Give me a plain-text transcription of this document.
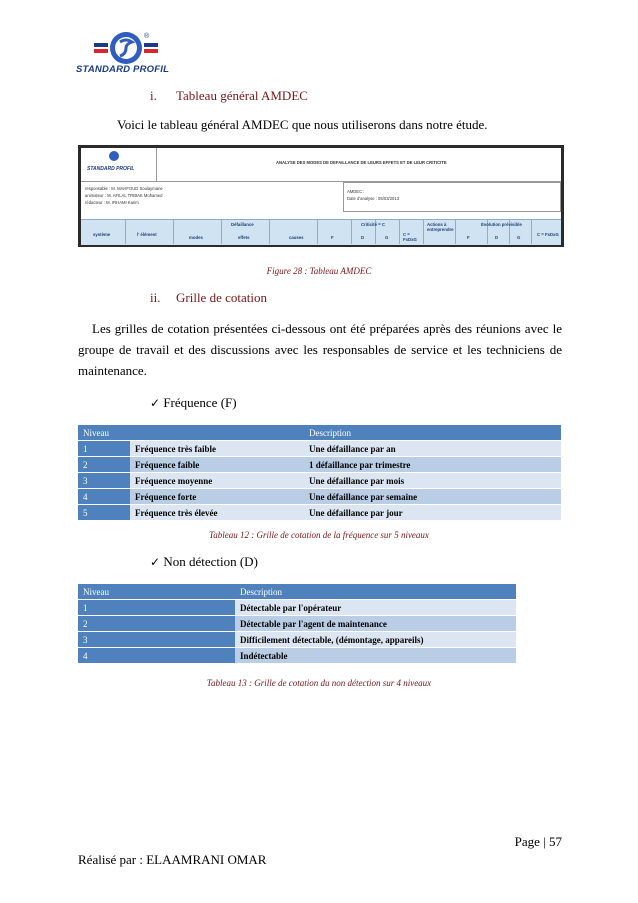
®
STANDARD PROFIL
i. Tableau général AMDEC
Voici le tableau général AMDEC que nous utiliserons dans notre étude.
STANDARD PROFIL
ANALYSE DES MODES DE DEFAILLANCE DE LEURS EFFETS ET DE LEUR CRITICITE
responsable : M. MAHFOUD Soulaymane
animateur : M. AFILAL TRIBAK Mohamed
rédacteur : M. IRHAMI Karim
AMDEC :
Date d'analyse : 05/03/2013
système	l' élément
Défaillance
modes	effets	causes
Criticité = C
F	D	G
C = FxDxG
Actions à entreprendre
Évolution prévisible
F	D	G
C = FxDxG
Figure 28 : Tableau AMDEC
ii. Grille de cotation
Les grilles de cotation présentées ci-dessous ont été préparées après des réunions avec le groupe de travail et des discussions avec les responsables de service et les techniciens de maintenance.
✓ Fréquence (F)
Niveau		Description
1	Fréquence très faible	Une défaillance par an
2	Fréquence faible	1 défaillance par trimestre
3	Fréquence moyenne	Une défaillance par mois
4	Fréquence forte	Une défaillance par semaine
5	Fréquence très élevée	Une défaillance par jour
Tableau 12 : Grille de cotation de la fréquence sur 5 niveaux
✓ Non détection (D)
Niveau	Description
1	Détectable par l'opérateur
2	Détectable par l'agent de maintenance
3	Difficilement détectable, (démontage, appareils)
4	Indétectable
Tableau 13 : Grille de cotation du non détection sur 4 niveaux
Page | 57
Réalisé par : ELAAMRANI OMAR
